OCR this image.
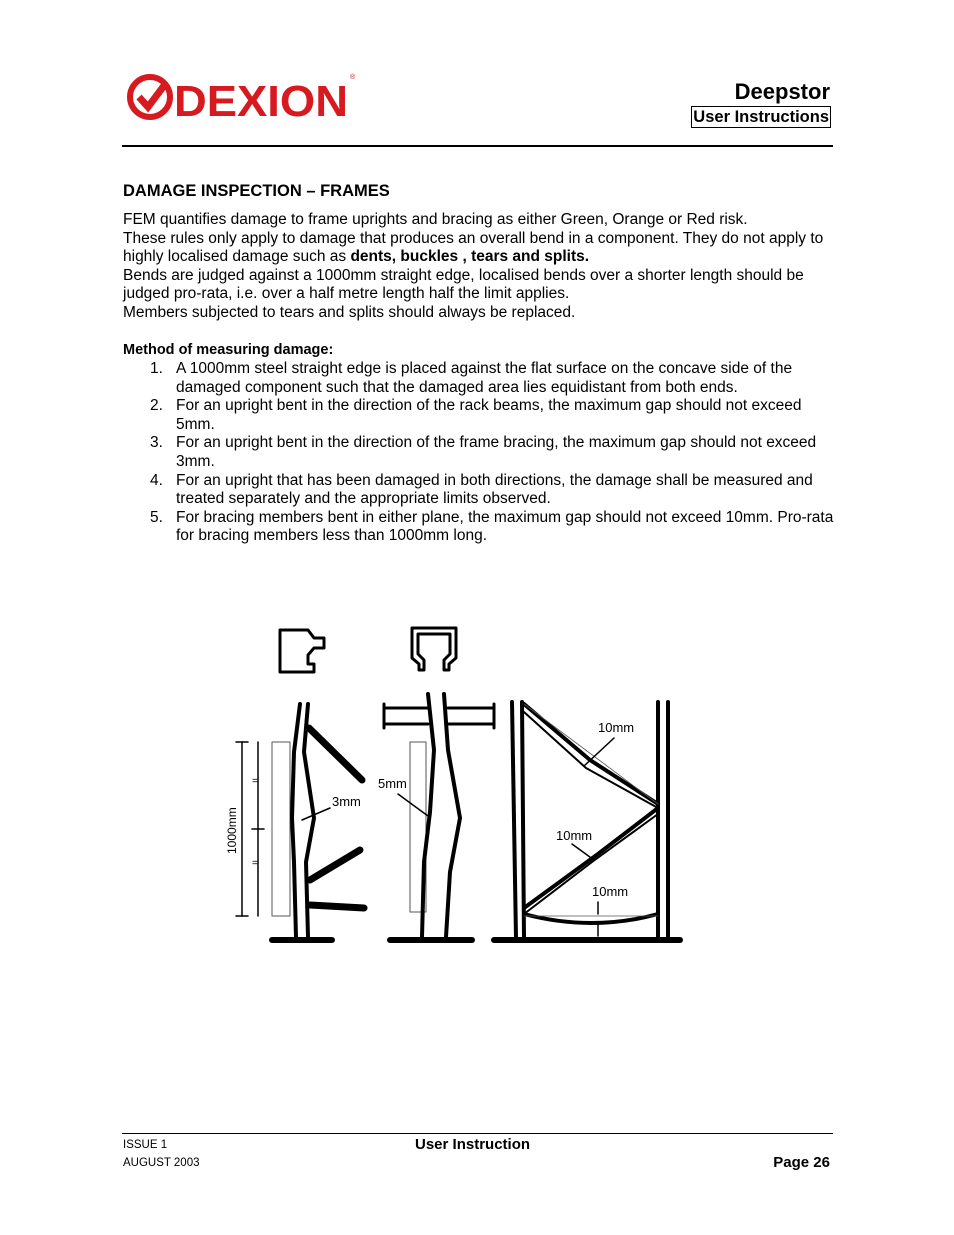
DEXION ®
Deepstor
User Instructions
DAMAGE INSPECTION – FRAMES

FEM quantifies damage to frame uprights and bracing as either Green, Orange or Red risk.

These rules only apply to damage that produces an overall bend in a component. They do not apply to highly localised damage such as dents, buckles , tears and splits.

Bends are judged against a 1000mm straight edge, localised bends over a shorter length should be judged pro-rata, i.e. over a half metre length half the limit applies.

Members subjected to tears and splits should always be replaced.

Method of measuring damage:
1. A 1000mm steel straight edge is placed against the flat surface on the concave side of the damaged component such that the damaged area lies equidistant from both ends.
2. For an upright bent in the direction of the rack beams, the maximum gap should not exceed 5mm.
3. For an upright bent in the direction of the frame bracing, the maximum gap should not exceed 3mm.
4. For an upright that has been damaged in both directions, the damage shall be measured and treated separately and the appropriate limits observed.
5. For bracing members bent in either plane, the maximum gap should not exceed 10mm. Pro-rata for bracing members less than 1000mm long.
1000mm
=
=
3mm
5mm
10mm
10mm
10mm
ISSUE 1
AUGUST 2003
User Instruction
Page 26
